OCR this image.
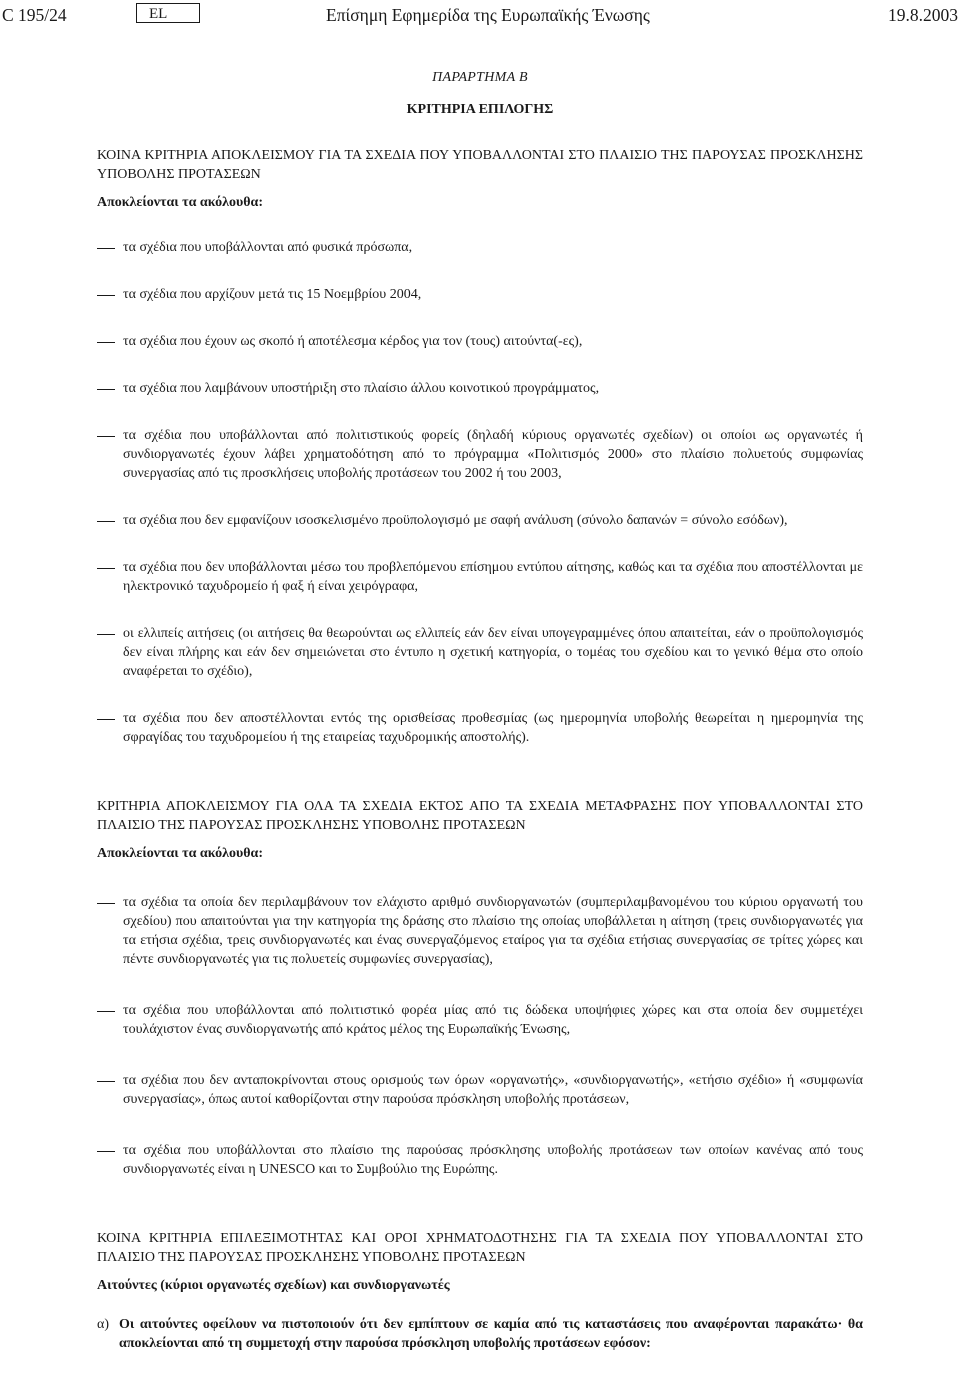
C 195/24	EL	Επίσημη Εφημερίδα της Ευρωπαϊκής Ένωσης	19.8.2003
ΠΑΡΑΡΤΗΜΑ Β
ΚΡΙΤΗΡΙΑ ΕΠΙΛΟΓΗΣ
ΚΟΙΝΑ ΚΡΙΤΗΡΙΑ ΑΠΟΚΛΕΙΣΜΟΥ ΓΙΑ ΤΑ ΣΧΕΔΙΑ ΠΟΥ ΥΠΟΒΑΛΛΟΝΤΑΙ ΣΤΟ ΠΛΑΙΣΙΟ ΤΗΣ ΠΑΡΟΥΣΑΣ ΠΡΟΣΚΛΗΣΗΣ ΥΠΟΒΟΛΗΣ ΠΡΟΤΑΣΕΩΝ
Αποκλείονται τα ακόλουθα:
τα σχέδια που υποβάλλονται από φυσικά πρόσωπα,
τα σχέδια που αρχίζουν μετά τις 15 Νοεμβρίου 2004,
τα σχέδια που έχουν ως σκοπό ή αποτέλεσμα κέρδος για τον (τους) αιτούντα(-ες),
τα σχέδια που λαμβάνουν υποστήριξη στο πλαίσιο άλλου κοινοτικού προγράμματος,
τα σχέδια που υποβάλλονται από πολιτιστικούς φορείς (δηλαδή κύριους οργανωτές σχεδίων) οι οποίοι ως οργανωτές ή συνδιοργανωτές έχουν λάβει χρηματοδότηση από το πρόγραμμα «Πολιτισμός 2000» στο πλαίσιο πολυετούς συμφωνίας συνεργασίας από τις προσκλήσεις υποβολής προτάσεων του 2002 ή του 2003,
τα σχέδια που δεν εμφανίζουν ισοσκελισμένο προϋπολογισμό με σαφή ανάλυση (σύνολο δαπανών = σύνολο εσόδων),
τα σχέδια που δεν υποβάλλονται μέσω του προβλεπόμενου επίσημου εντύπου αίτησης, καθώς και τα σχέδια που αποστέλλονται με ηλεκτρονικό ταχυδρομείο ή φαξ ή είναι χειρόγραφα,
οι ελλιπείς αιτήσεις (οι αιτήσεις θα θεωρούνται ως ελλιπείς εάν δεν είναι υπογεγραμμένες όπου απαιτείται, εάν ο προϋπολογισμός δεν είναι πλήρης και εάν δεν σημειώνεται στο έντυπο η σχετική κατηγορία, ο τομέας του σχεδίου και το γενικό θέμα στο οποίο αναφέρεται το σχέδιο),
τα σχέδια που δεν αποστέλλονται εντός της ορισθείσας προθεσμίας (ως ημερομηνία υποβολής θεωρείται η ημερομηνία της σφραγίδας του ταχυδρομείου ή της εταιρείας ταχυδρομικής αποστολής).
ΚΡΙΤΗΡΙΑ ΑΠΟΚΛΕΙΣΜΟΥ ΓΙΑ ΟΛΑ ΤΑ ΣΧΕΔΙΑ ΕΚΤΟΣ ΑΠΟ ΤΑ ΣΧΕΔΙΑ ΜΕΤΑΦΡΑΣΗΣ ΠΟΥ ΥΠΟΒΑΛΛΟΝΤΑΙ ΣΤΟ ΠΛΑΙΣΙΟ ΤΗΣ ΠΑΡΟΥΣΑΣ ΠΡΟΣΚΛΗΣΗΣ ΥΠΟΒΟΛΗΣ ΠΡΟΤΑΣΕΩΝ
Αποκλείονται τα ακόλουθα:
τα σχέδια τα οποία δεν περιλαμβάνουν τον ελάχιστο αριθμό συνδιοργανωτών (συμπεριλαμβανομένου του κύριου οργανωτή του σχεδίου) που απαιτούνται για την κατηγορία της δράσης στο πλαίσιο της οποίας υποβάλλεται η αίτηση (τρεις συνδιοργανωτές για τα ετήσια σχέδια, τρεις συνδιοργανωτές και ένας συνεργαζόμενος εταίρος για τα σχέδια ετήσιας συνεργασίας σε τρίτες χώρες και πέντε συνδιοργανωτές για τις πολυετείς συμφωνίες συνεργασίας),
τα σχέδια που υποβάλλονται από πολιτιστικό φορέα μίας από τις δώδεκα υποψήφιες χώρες και στα οποία δεν συμμετέχει τουλάχιστον ένας συνδιοργανωτής από κράτος μέλος της Ευρωπαϊκής Ένωσης,
τα σχέδια που δεν ανταποκρίνονται στους ορισμούς των όρων «οργανωτής», «συνδιοργανωτής», «ετήσιο σχέδιο» ή «συμφωνία συνεργασίας», όπως αυτοί καθορίζονται στην παρούσα πρόσκληση υποβολής προτάσεων,
τα σχέδια που υποβάλλονται στο πλαίσιο της παρούσας πρόσκλησης υποβολής προτάσεων των οποίων κανένας από τους συνδιοργανωτές είναι η UNESCO και το Συμβούλιο της Ευρώπης.
ΚΟΙΝΑ ΚΡΙΤΗΡΙΑ ΕΠΙΛΕΞΙΜΟΤΗΤΑΣ ΚΑΙ ΟΡΟΙ ΧΡΗΜΑΤΟΔΟΤΗΣΗΣ ΓΙΑ ΤΑ ΣΧΕΔΙΑ ΠΟΥ ΥΠΟΒΑΛΛΟΝΤΑΙ ΣΤΟ ΠΛΑΙΣΙΟ ΤΗΣ ΠΑΡΟΥΣΑΣ ΠΡΟΣΚΛΗΣΗΣ ΥΠΟΒΟΛΗΣ ΠΡΟΤΑΣΕΩΝ
Αιτούντες (κύριοι οργανωτές σχεδίων) και συνδιοργανωτές
α) Οι αιτούντες οφείλουν να πιστοποιούν ότι δεν εμπίπτουν σε καμία από τις καταστάσεις που αναφέρονται παρακάτω· θα αποκλείονται από τη συμμετοχή στην παρούσα πρόσκληση υποβολής προτάσεων εφόσον:
